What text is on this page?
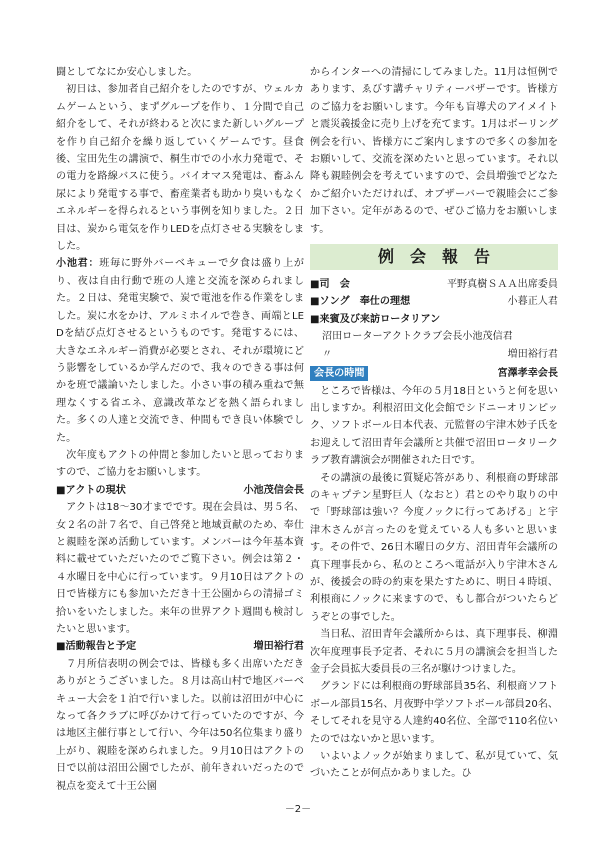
闘としてなにか安心しました。

初日は、参加者自己紹介をしたのですが、ウェルカムゲームという、まずグループを作り、１分間で自己紹介をして、それが終わると次にまた新しいグループを作り自己紹介を繰り返していくゲームです。昼食後、宝田先生の講演で、桐生市での小水力発電で、その電力を路線バスに使う。バイオマス発電は、畜ふん尿により発電する事で、畜産業者も助かり臭いもなくエネルギーを得られるという事例を知りました。２日目は、炭から電気を作りLEDを点灯させる実験をしました。

小池君：班毎に野外バーベキューで夕食は盛り上がり、夜は自由行動で班の人達と交流を深められました。２日は、発電実験で、炭で電池を作る作業をしました。炭に水をかけ、アルミホイルで巻き、両端とLEDを結び点灯させるというものです。発電するには、大きなエネルギー消費が必要とされ、それが環境にどう影響をしているか学んだので、我々のできる事は何かを班で議論いたしました。小さい事の積み重ねで無理なくする省エネ、意識改革などを熱く語られました。多くの人達と交流でき、仲間もでき良い体験でした。

次年度もアクトの仲間と参加したいと思っておりますので、ご協力をお願いします。

■アクトの現状	小池茂信会長

アクトは18～30才までです。現在会員は、男５名、女２名の計７名で、自己啓発と地域貢献のため、奉仕と親睦を深め活動しています。メンバーは今年基本資料に載せていただいたのでご覧下さい。例会は第２・４水曜日を中心に行っています。９月10日はアクトの日で皆様方にも参加いただき十王公園からの清掃ゴミ拾いをいたしました。来年の世界アクト週間も検討したいと思います。

■活動報告と予定	増田裕行君

７月所信表明の例会では、皆様も多く出席いただきありがとうございました。８月は高山村で地区バーベキュー大会を１泊で行いました。以前は沼田が中心になって各クラブに呼びかけて行っていたのですが、今は地区主催行事として行い、今年は50名位集まり盛り上がり、親睦を深められました。９月10日はアクトの日で以前は沼田公園でしたが、前年きれいだったので視点を変えて十王公園

からインターへの清掃にしてみました。11月は恒例であります、ゑびす講チャリティーバザーです。皆様方のご協力をお願いします。今年も盲導犬のアイメイトと震災義援金に売り上げを充てます。1月はボーリング例会を行い、皆様方にご案内しますので多くの参加をお願いして、交流を深めたいと思っています。それ以降も親睦例会を考えていますので、会員増強でどなたかご紹介いただければ、オブザーバーで親睦会にご参加下さい。定年があるので、ぜひご協力をお願いします。

例会報告
■司　会	平野真樹ＳＡＡ出席委員
■ソング　奉仕の理想	小暮正人君
■来賓及び来訪ロータリアン
沼田ローターアクトクラブ会長小池茂信君
〃	増田裕行君
会長の時間	宮澤孝幸会長

ところで皆様は、今年の５月18日というと何を思い出しますか。利根沼田文化会館でシドニーオリンピック、ソフトボール日本代表、元監督の宇津木妙子氏をお迎えして沼田青年会議所と共催で沼田ロータリークラブ教育講演会が開催された日です。

その講演の最後に質疑応答があり、利根商の野球部のキャプテン星野巨人（なおと）君とのやり取りの中で「野球部は強い？今度ノックに行ってあげる」と宇津木さんが言ったのを覚えている人も多いと思います。その件で、26日木曜日の夕方、沼田青年会議所の真下理事長から、私のところへ電話が入り宇津木さんが、後援会の時の約束を果たすために、明日４時頃、利根商にノックに来ますので、もし都合がついたらどうぞとの事でした。

当日私、沼田青年会議所からは、真下理事長、柳淵次年度理事長予定者、それに５月の講演会を担当した金子会員拡大委員長の三名が駆けつけました。

グランドには利根商の野球部員35名、利根商ソフトボール部員15名、月夜野中学ソフトボール部員20名、そしてそれを見守る人達約40名位、全部で110名位いたのではないかと思います。

いよいよノックが始まりまして、私が見ていて、気づいたことが何点かありました。ひ

－2－
